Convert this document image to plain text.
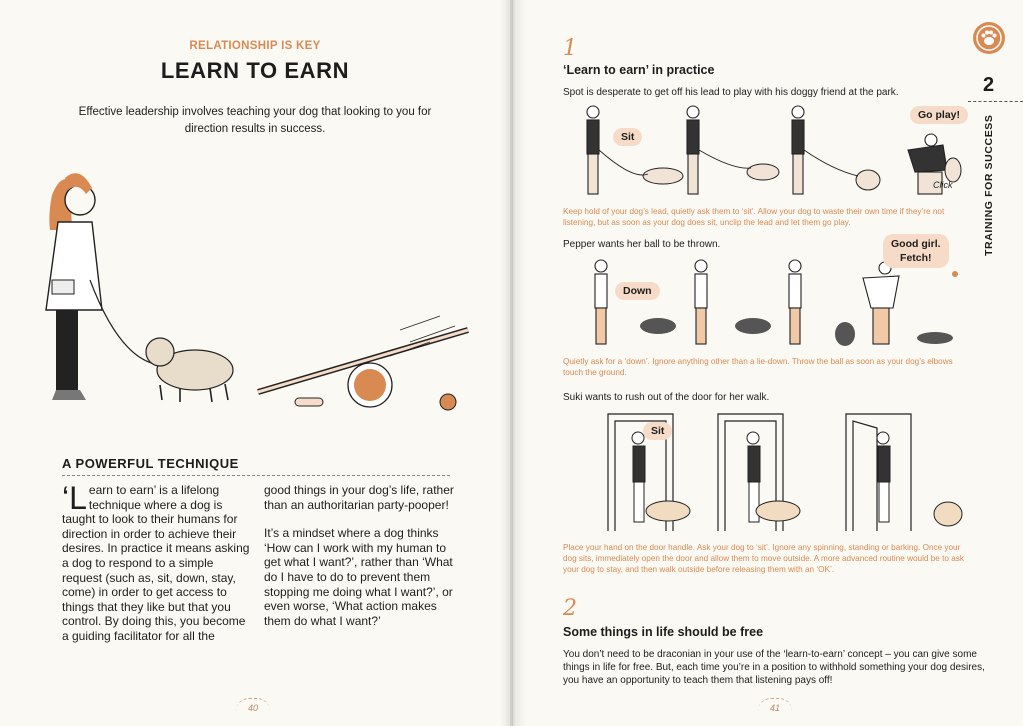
RELATIONSHIP IS KEY
LEARN TO EARN
Effective leadership involves teaching your dog that looking to you for direction results in success.
A POWERFUL TECHNIQUE
‘Learn to earn’ is a lifelong technique where a dog is taught to look to their humans for direction in order to achieve their desires. In practice it means asking a dog to respond to a simple request (such as, sit, down, stay, come) in order to get access to things that they like but that you control. By doing this, you become a guiding facilitator for all the

good things in your dog’s life, rather than an authoritarian party-pooper!

It’s a mindset where a dog thinks ‘How can I work with my human to get what I want?’, rather than ‘What do I have to do to prevent them stopping me doing what I want?’, or even worse, ‘What action makes them do what I want?’

40
1
‘Learn to earn’ in practice
Spot is desperate to get off his lead to play with his doggy friend at the park.
Sit
Go play!
Click
Keep hold of your dog’s lead, quietly ask them to ‘sit’. Allow your dog to waste their own time if they’re not listening, but as soon as your dog does sit, unclip the lead and let them go play.
Pepper wants her ball to be thrown.
Down
Good girl.
Fetch!
Quietly ask for a ‘down’. Ignore anything other than a lie-down. Throw the ball as soon as your dog’s elbows touch the ground.
Suki wants to rush out of the door for her walk.
Sit
Place your hand on the door handle. Ask your dog to ‘sit’. Ignore any spinning, standing or barking. Once your dog sits, immediately open the door and allow them to move outside. A more advanced routine would be to ask your dog to stay, and then walk outside before releasing them with an ‘OK’.
2
Some things in life should be free
You don’t need to be draconian in your use of the ‘learn-to-earn’ concept – you can give some things in life for free. But, each time you’re in a position to withhold something your dog desires, you have an opportunity to teach them that listening pays off!
2
TRAINING FOR SUCCESS
41
